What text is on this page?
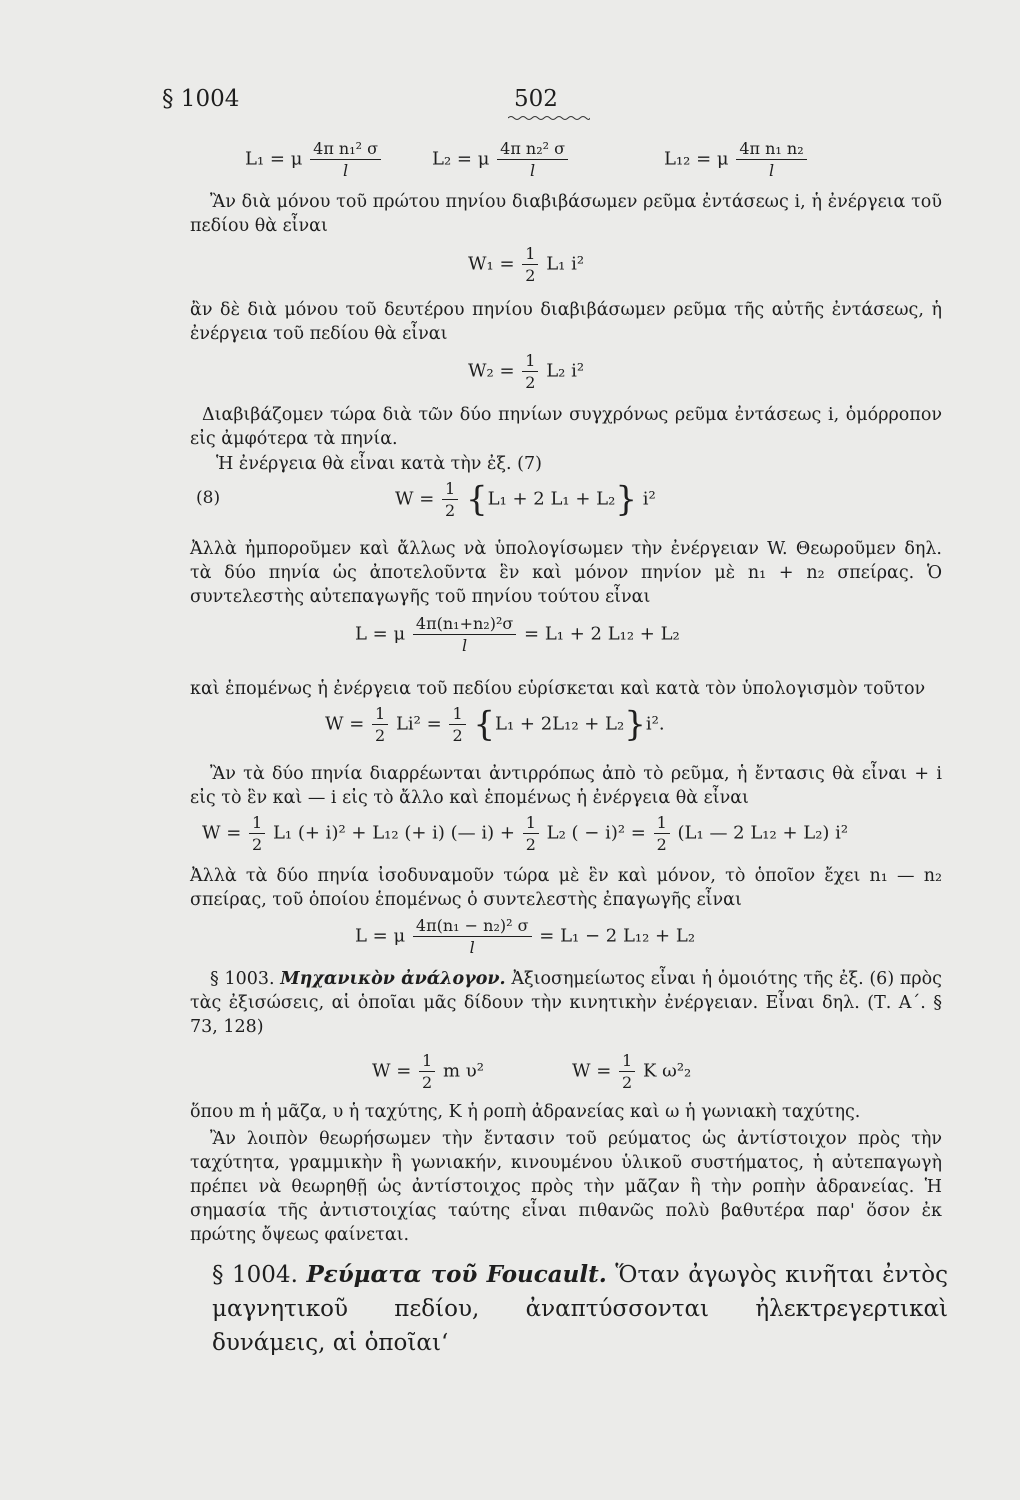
§ 1004	502
L₁ = μ $\frac{\text{4π n₁² σ}}{l}$	L₂ = μ $\frac{\text{4π n₂² σ}}{l}$	L₁₂ = μ $\frac{\text{4π n₁ n₂}}{l}$

Ἂν διὰ μόνου τοῦ πρώτου πηνίου διαβιβάσωμεν ρεῦμα ἐντάσεως i, ἡ ἐνέργεια τοῦ πεδίου θὰ εἶναι

$W_1 = \frac{1}{2} L_1$ i²

ἂν δὲ διὰ μόνου τοῦ δευτέρου πηνίου διαβιβάσωμεν ρεῦμα τῆς αὐτῆς ἐντάσεως, ἡ ἐνέργεια τοῦ πεδίου θὰ εἶναι

$W_2 = \frac{1}{2} L_2$ i²

Διαβιβάζομεν τώρα διὰ τῶν δύο πηνίων συγχρόνως ρεῦμα ἐντάσεως i, ὁμόρροπον εἰς ἀμφότερα τὰ πηνία.

Ἡ ἐνέργεια θὰ εἶναι κατὰ τὴν ἐξ. (7)

(8)	$W = \frac{1}{2} \{L_1 + 2$ L₁ + L₂} i²

Ἀλλὰ ἠμποροῦμεν καὶ ἄλλως νὰ ὑπολογίσωμεν τὴν ἐνέργειαν W. Θεωροῦμεν δηλ. τὰ δύο πηνία ὡς ἀποτελοῦντα ἓν καὶ μόνον πηνίον μὲ n₁ + n₂ σπείρας. Ὁ συντελεστὴς αὐτεπαγωγῆς τοῦ πηνίου τούτου εἶναι

L = μ $\frac{\text{4π(n₁+n₂)²σ}}{l} = L_1 + 2$ L₁₂ + L₂

καὶ ἑπομένως ἡ ἐνέργεια τοῦ πεδίου εὑρίσκεται καὶ κατὰ τὸν ὑπολογισμὸν τοῦτον

$W = \frac{1}{2} Li^2 = \frac{1}{2} \{L_1 + 2L_{12} + L_2\}i^2$.

Ἂν τὰ δύο πηνία διαρρέωνται ἀντιρρόπως ἀπὸ τὸ ρεῦμα, ἡ ἔντασις θὰ εἶναι + i εἰς τὸ ἓν καὶ — i εἰς τὸ ἄλλο καὶ ἑπομένως ἡ ἐνέργεια θὰ εἶναι

$W = \frac{1}{2} L_1$ (+ i)² + L₁₂ (+ i) (— $i) + \frac{1}{2} L_2$ ( − $i)^2 = \frac{1}{2} (L_1$ — 2 L₁₂ + L₂) i²

Ἀλλὰ τὰ δύο πηνία ἰσοδυναμοῦν τώρα μὲ ἓν καὶ μόνον, τὸ ὁποῖον ἔχει n₁ — n₂ σπείρας, τοῦ ὁποίου ἑπομένως ὁ συντελεστὴς ἐπαγωγῆς εἶναι

L = μ $\frac{\text{4π(n₁ − n₂)² σ}}{l} = L_1 - 2$ L₁₂ + L₂

§ 1003. Μηχανικὸν ἀνάλογον. Ἀξιοσημείωτος εἶναι ἡ ὁμοιότης τῆς ἐξ. (6) πρὸς τὰς ἐξισώσεις, αἱ ὁποῖαι μᾶς δίδουν τὴν κινητικὴν ἐνέργειαν. Εἶναι δηλ. (Τ. Α΄. § 73, 128)

$W = \frac{1}{2}$ m υ²	$W = \frac{1}{2}$ K ω²₂

ὅπου m ἡ μᾶζα, υ ἡ ταχύτης, K ἡ ροπὴ ἀδρανείας καὶ ω ἡ γωνιακὴ ταχύτης.

Ἂν λοιπὸν θεωρήσωμεν τὴν ἔντασιν τοῦ ρεύματος ὡς ἀντίστοιχον πρὸς τὴν ταχύτητα, γραμμικὴν ἢ γωνιακήν, κινουμένου ὑλικοῦ συστήματος, ἡ αὐτεπαγωγὴ πρέπει νὰ θεωρηθῇ ὡς ἀντίστοιχος πρὸς τὴν μᾶζαν ἢ τὴν ροπὴν ἀδρανείας. Ἡ σημασία τῆς ἀντιστοιχίας ταύτης εἶναι πιθανῶς πολὺ βαθυτέρα παρ' ὅσον ἐκ πρώτης ὄψεως φαίνεται.

§ 1004. Ρεύματα τοῦ Foucault. Ὅταν ἀγωγὸς κινῆται ἐντὸς μαγνητικοῦ πεδίου, ἀναπτύσσονται ἠλεκτρεγερτικαὶ δυνάμεις, αἱ ὁποῖαι‘
